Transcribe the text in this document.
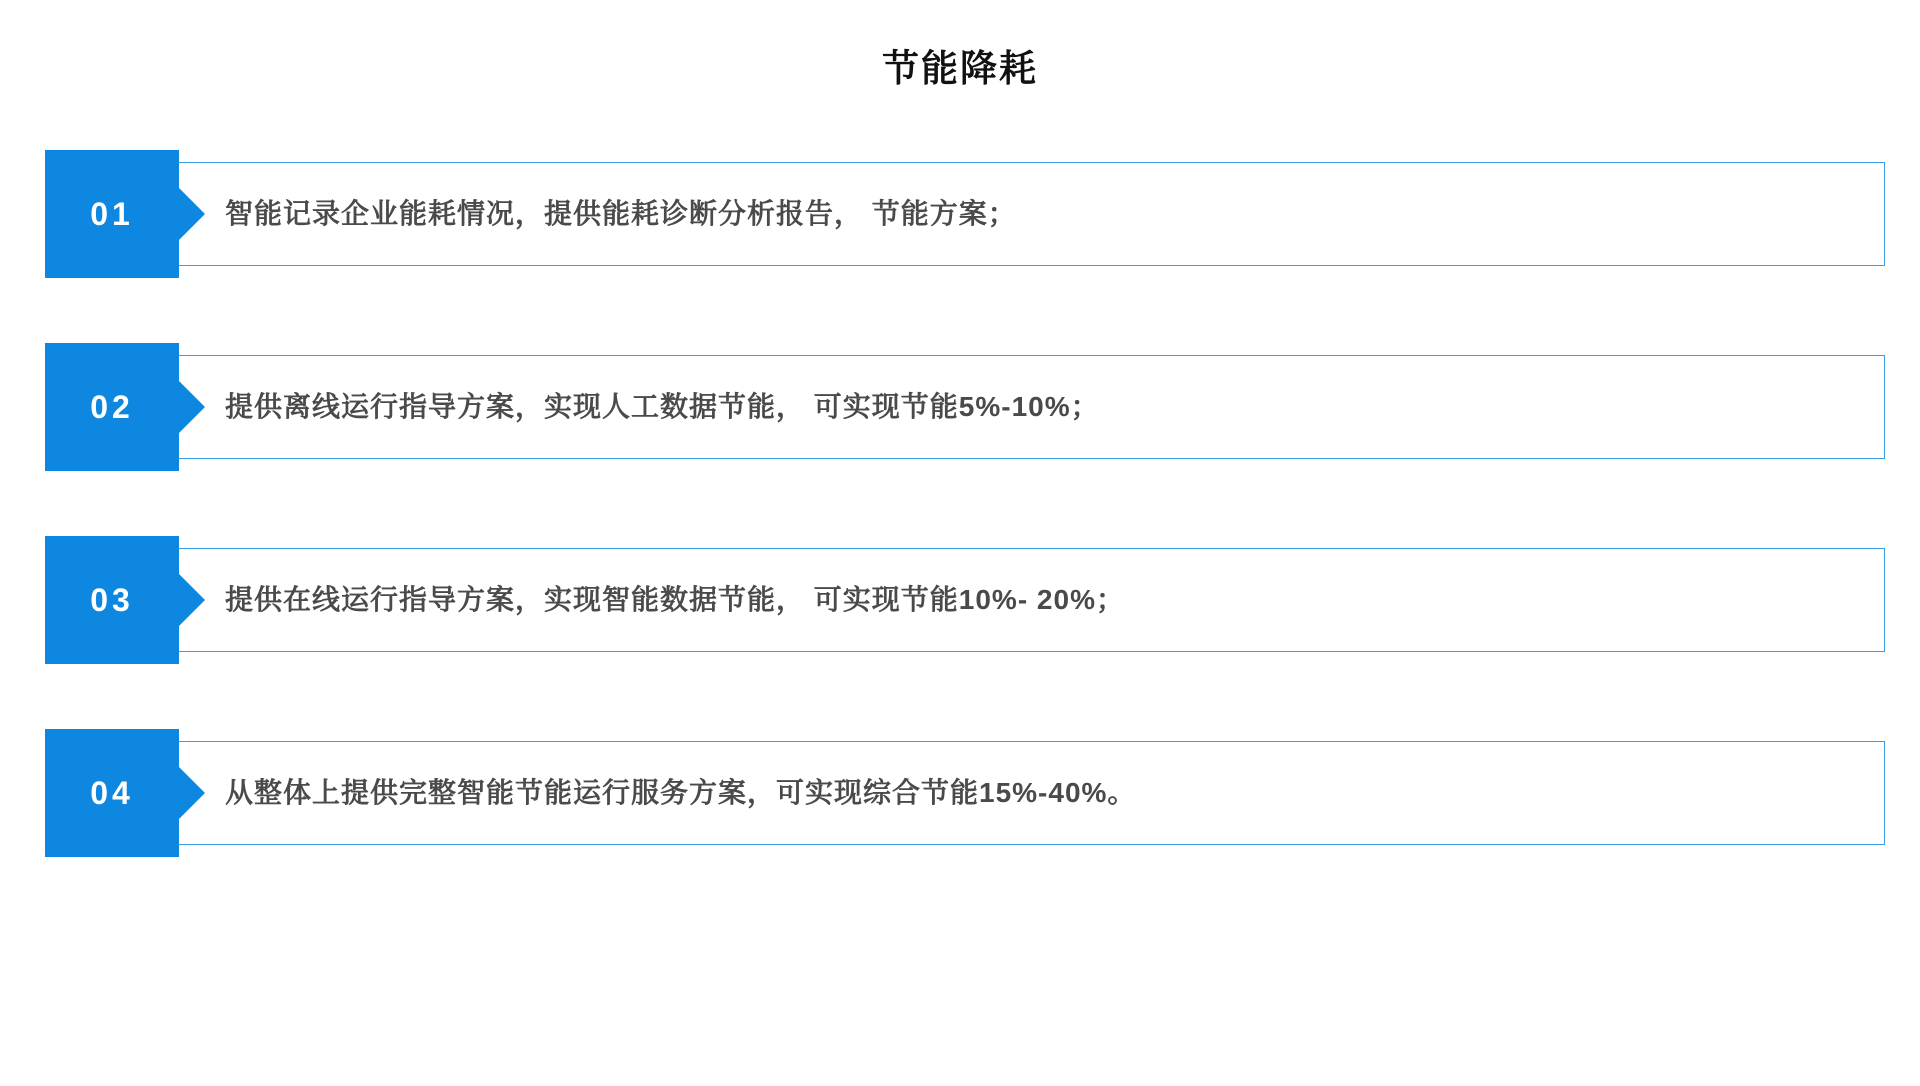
节能降耗
01	智能记录企业能耗情况，提供能耗诊断分析报告， 节能方案；
02	提供离线运行指导方案，实现人工数据节能， 可实现节能5%-10%；
03	提供在线运行指导方案，实现智能数据节能， 可实现节能10%- 20%；
04	从整体上提供完整智能节能运行服务方案，可实现综合节能15%-40%。
